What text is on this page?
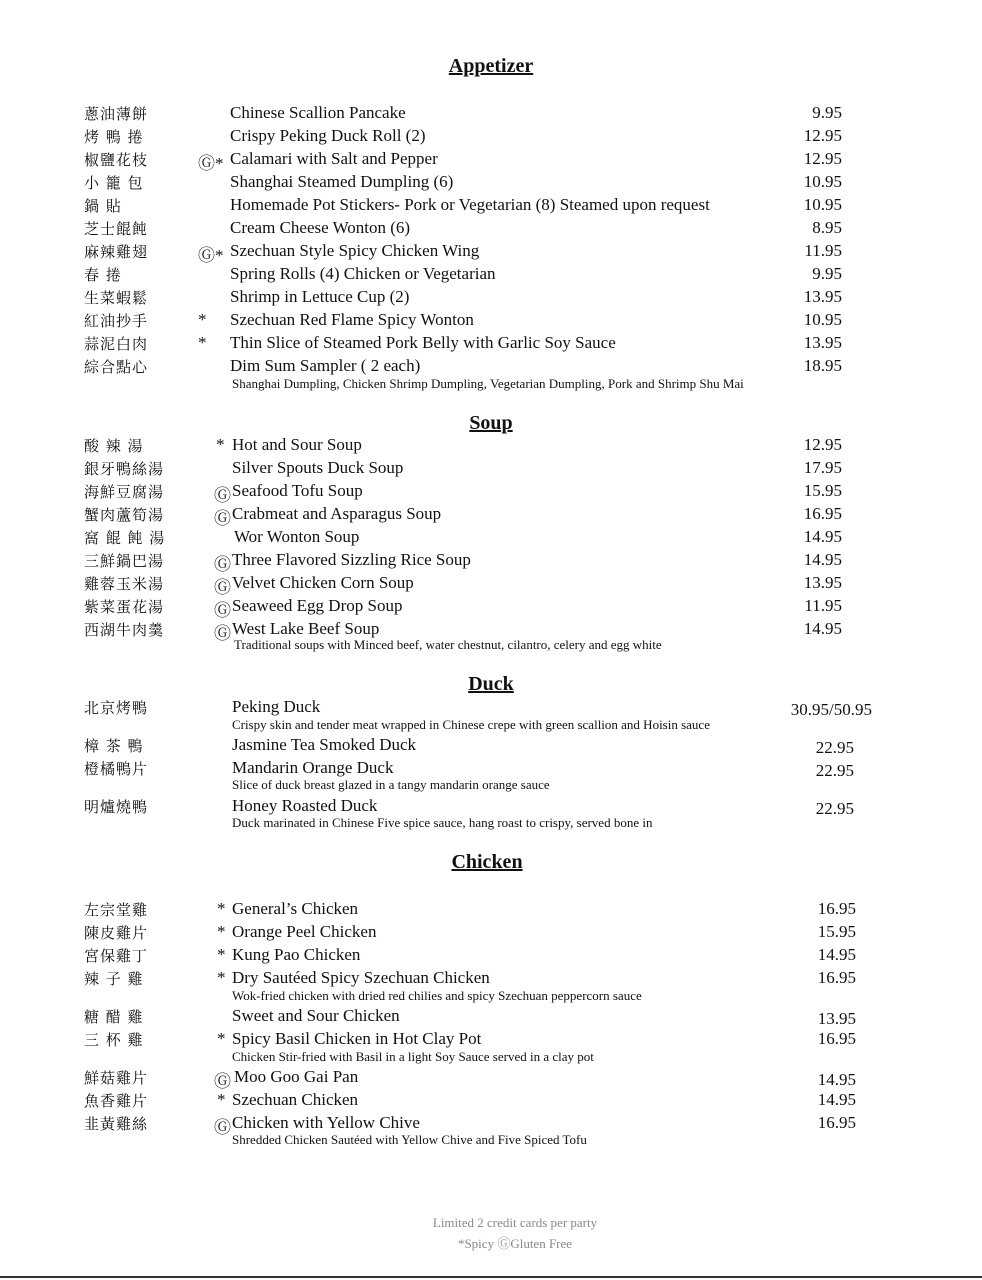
Appetizer
蔥油薄餅	Chinese Scallion Pancake	9.95
烤 鴨 捲	Crispy Peking Duck Roll (2)	12.95
椒鹽花枝	Ⓖ* Calamari with Salt and Pepper	12.95
小 籠 包	Shanghai Steamed Dumpling (6)	10.95
鍋 貼	Homemade Pot Stickers- Pork or Vegetarian (8) Steamed upon request	10.95
芝士餛飩	Cream Cheese Wonton (6)	8.95
麻辣雞翅	Ⓖ* Szechuan Style Spicy Chicken Wing	11.95
春 捲	Spring Rolls (4) Chicken or Vegetarian	9.95
生菜蝦鬆	Shrimp in Lettuce Cup (2)	13.95
紅油抄手	* Szechuan Red Flame Spicy Wonton	10.95
蒜泥白肉	* Thin Slice of Steamed Pork Belly with Garlic Soy Sauce	13.95
綜合點心	Dim Sum Sampler ( 2 each)	18.95
Shanghai Dumpling, Chicken Shrimp Dumpling, Vegetarian Dumpling, Pork and Shrimp Shu Mai
Soup
酸 辣 湯	* Hot and Sour Soup	12.95
銀牙鴨絲湯	Silver Spouts Duck Soup	17.95
海鮮豆腐湯	Ⓖ Seafood Tofu Soup	15.95
蟹肉蘆筍湯	Ⓖ Crabmeat and Asparagus Soup	16.95
窩 餛 飩 湯	Wor Wonton Soup	14.95
三鮮鍋巴湯	Ⓖ Three Flavored Sizzling Rice Soup	14.95
雞蓉玉米湯	Ⓖ Velvet Chicken Corn Soup	13.95
紫菜蛋花湯	Ⓖ Seaweed Egg Drop Soup	11.95
西湖牛肉羹	Ⓖ West Lake Beef Soup	14.95
Traditional soups with Minced beef, water chestnut, cilantro, celery and egg white
Duck
北京烤鴨	Peking Duck	30.95/50.95
Crispy skin and tender meat wrapped in Chinese crepe with green scallion and Hoisin sauce
樟 茶 鴨	Jasmine Tea Smoked Duck	22.95
橙橘鴨片	Mandarin Orange Duck	22.95
Slice of duck breast glazed in a tangy mandarin orange sauce
明爐燒鴨	Honey Roasted Duck	22.95
Duck marinated in Chinese Five spice sauce, hang roast to crispy, served bone in
Chicken
左宗堂雞	* General’s Chicken	16.95
陳皮雞片	* Orange Peel Chicken	15.95
宮保雞丁	* Kung Pao Chicken	14.95
辣 子 雞	* Dry Sautéed Spicy Szechuan Chicken	16.95
Wok-fried chicken with dried red chilies and spicy Szechuan peppercorn sauce
糖 醋 雞	Sweet and Sour Chicken	13.95
三 杯 雞	* Spicy Basil Chicken in Hot Clay Pot	16.95
Chicken Stir-fried with Basil in a light Soy Sauce served in a clay pot
鮮菇雞片	Ⓖ Moo Goo Gai Pan	14.95
魚香雞片	* Szechuan Chicken	14.95
韭黃雞絲	Ⓖ Chicken with Yellow Chive	16.95
Shredded Chicken Sautéed with Yellow Chive and Five Spiced Tofu
Limited 2 credit cards per party
*Spicy ⒼGluten Free
